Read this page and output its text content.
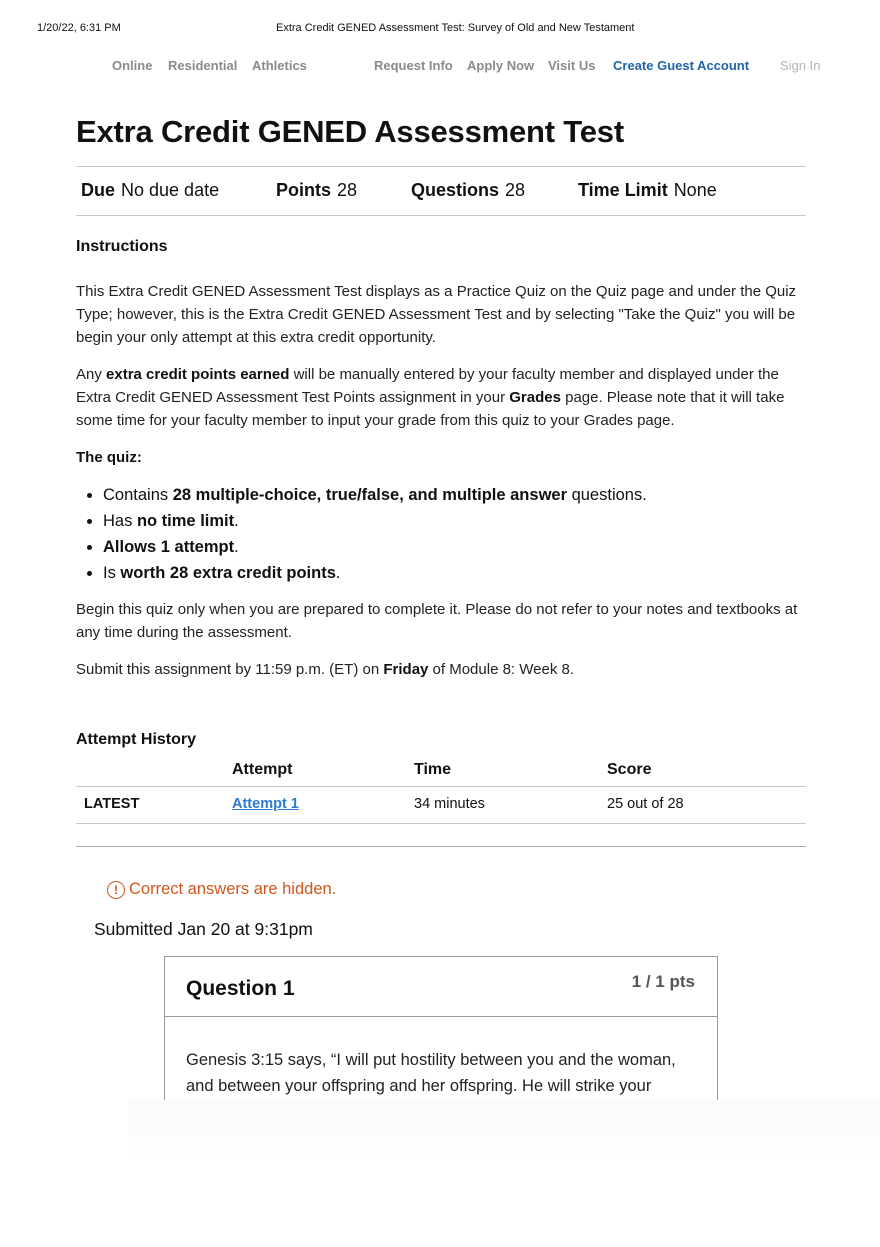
1/20/22, 6:31 PM	Extra Credit GENED Assessment Test: Survey of Old and New Testament
Online Residential Athletics	Request Info Apply Now Visit Us Create Guest Account Sign In
Extra Credit GENED Assessment Test
Due No due date	Points 28	Questions 28	Time Limit None
Instructions
This Extra Credit GENED Assessment Test displays as a Practice Quiz on the Quiz page and under the Quiz Type; however, this is the Extra Credit GENED Assessment Test and by selecting "Take the Quiz" you will be begin your only attempt at this extra credit opportunity.
Any extra credit points earned will be manually entered by your faculty member and displayed under the Extra Credit GENED Assessment Test Points assignment in your Grades page. Please note that it will take some time for your faculty member to input your grade from this quiz to your Grades page.
The quiz:
• Contains 28 multiple-choice, true/false, and multiple answer questions.
• Has no time limit.
• Allows 1 attempt.
• Is worth 28 extra credit points.
Begin this quiz only when you are prepared to complete it. Please do not refer to your notes and textbooks at any time during the assessment.
Submit this assignment by 11:59 p.m. (ET) on Friday of Module 8: Week 8.
Attempt History
Attempt	Time	Score
LATEST	Attempt 1	34 minutes	25 out of 28
! Correct answers are hidden.
Submitted Jan 20 at 9:31pm
Question 1	1 / 1 pts
Genesis 3:15 says, “I will put hostility between you and the woman, and between your offspring and her offspring. He will strike your
